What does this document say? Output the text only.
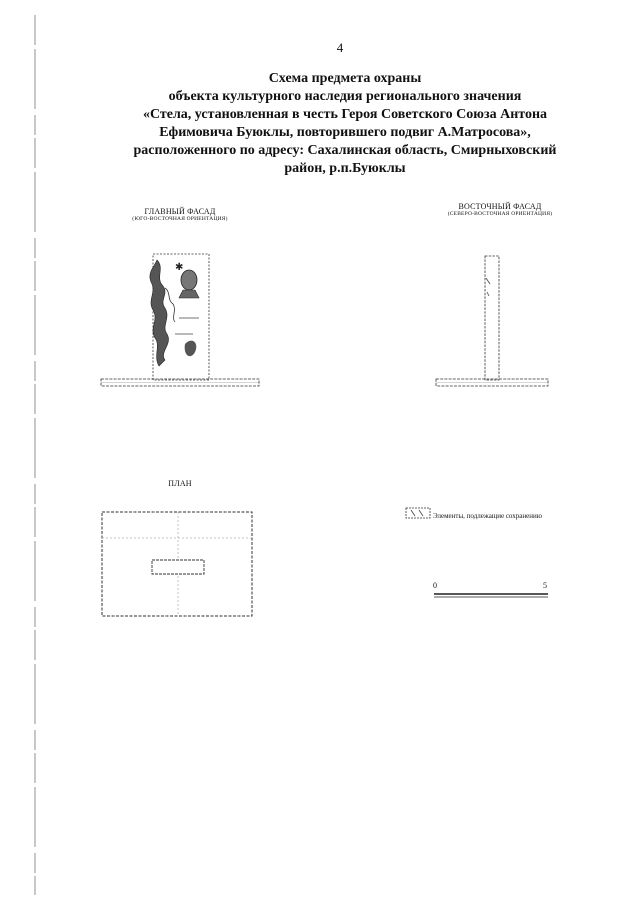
4
Схема предмета охраны
объекта культурного наследия регионального значения
«Стела, установленная в честь Героя Советского Союза Антона
Ефимовича Буюклы, повторившего подвиг А.Матросова»,
расположенного по адресу: Сахалинская область, Смирныховский
район, р.п.Буюклы
ГЛАВНЫЙ ФАСАД
(ЮГО-ВОСТОЧНАЯ ОРИЕНТАЦИЯ)
✱
ВОСТОЧНЫЙ ФАСАД
(СЕВЕРО-ВОСТОЧНАЯ ОРИЕНТАЦИЯ)
ПЛАН
Элементы, подлежащие сохранению
0	5
